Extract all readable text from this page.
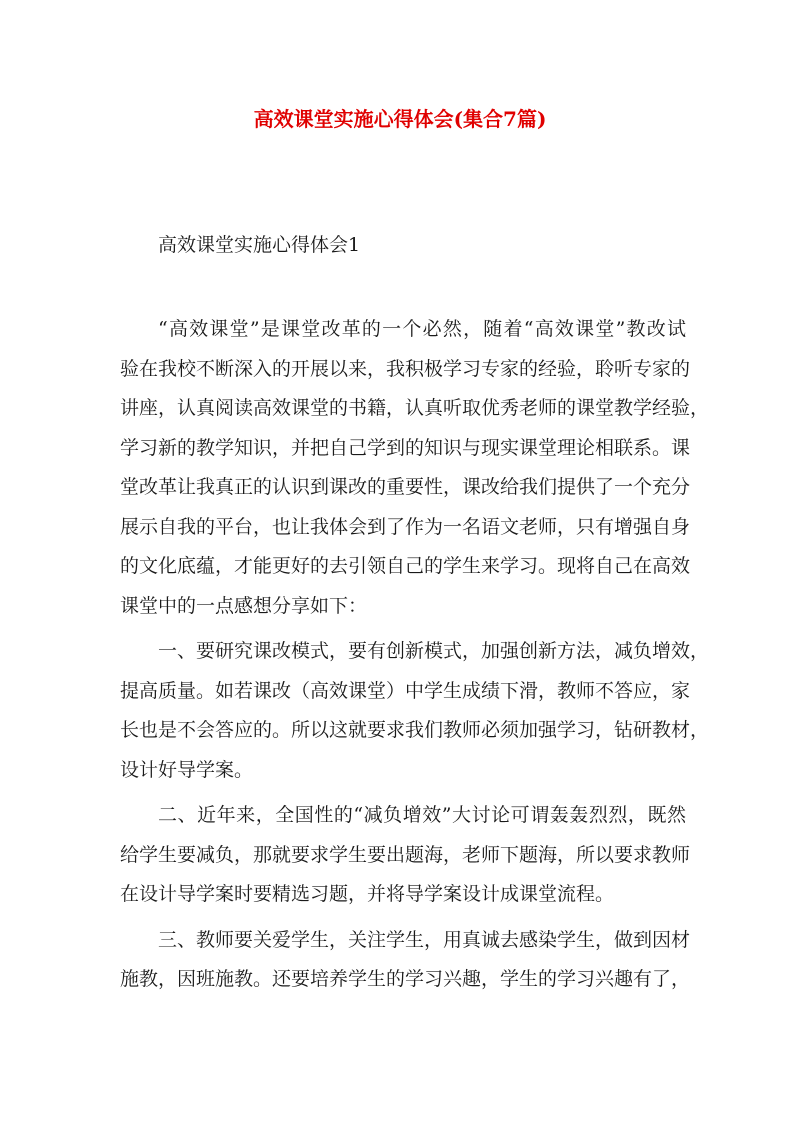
高效课堂实施心得体会(集合7篇)
高效课堂实施心得体会1
“高效课堂”是课堂改革的一个必然，随着“高效课堂”教改试
验在我校不断深入的开展以来，我积极学习专家的经验，聆听专家的
讲座，认真阅读高效课堂的书籍，认真听取优秀老师的课堂教学经验，
学习新的教学知识，并把自己学到的知识与现实课堂理论相联系。课
堂改革让我真正的认识到课改的重要性，课改给我们提供了一个充分
展示自我的平台，也让我体会到了作为一名语文老师，只有增强自身
的文化底蕴，才能更好的去引领自己的学生来学习。现将自己在高效
课堂中的一点感想分享如下：
一、要研究课改模式，要有创新模式，加强创新方法，减负增效，
提高质量。如若课改（高效课堂）中学生成绩下滑，教师不答应，家
长也是不会答应的。所以这就要求我们教师必须加强学习，钻研教材，
设计好导学案。
二、近年来，全国性的“减负增效”大讨论可谓轰轰烈烈，既然
给学生要减负，那就要求学生要出题海，老师下题海，所以要求教师
在设计导学案时要精选习题，并将导学案设计成课堂流程。
三、教师要关爱学生，关注学生，用真诚去感染学生，做到因材
施教，因班施教。还要培养学生的学习兴趣，学生的学习兴趣有了，
